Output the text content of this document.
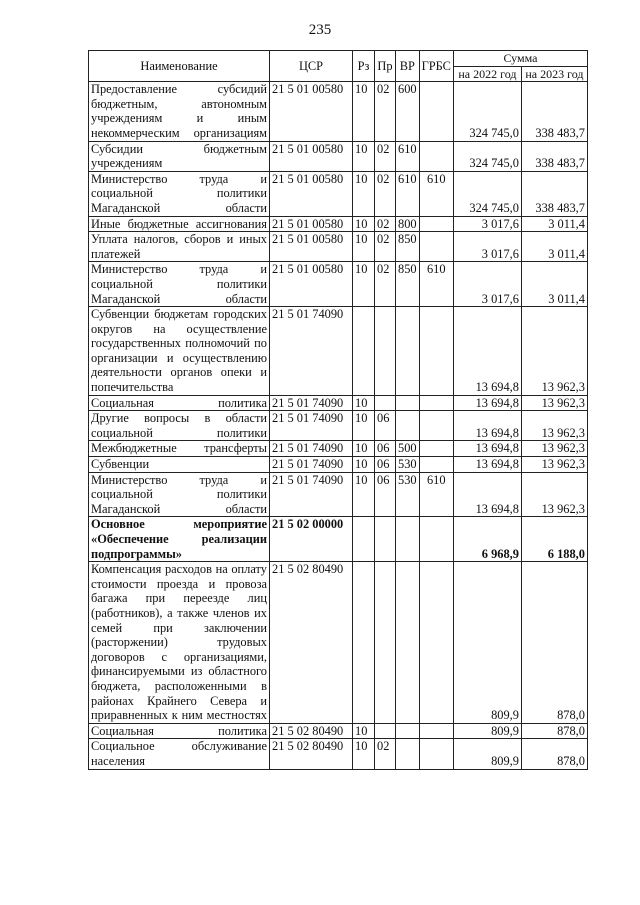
235
Наименование	ЦСР	Рз	Пр	ВР	ГРБС	Сумма	
						на 2022 год	на 2023 год
Предоставление субсидий бюджетным, автономным учреждениям и иным некоммерческим организациям	21 5 01 00580	10	02	600		324 745,0	338 483,7
Субсидии бюджетным учреждениям	21 5 01 00580	10	02	610		324 745,0	338 483,7
Министерство труда и социальной политики Магаданской области	21 5 01 00580	10	02	610	610	324 745,0	338 483,7
Иные бюджетные ассигнования	21 5 01 00580	10	02	800		3 017,6	3 011,4
Уплата налогов, сборов и иных платежей	21 5 01 00580	10	02	850		3 017,6	3 011,4
Министерство труда и социальной политики Магаданской области	21 5 01 00580	10	02	850	610	3 017,6	3 011,4
Субвенции бюджетам городских округов на осуществление государственных полномочий по организации и осуществлению деятельности органов опеки и попечительства	21 5 01 74090					13 694,8	13 962,3
Социальная политика	21 5 01 74090	10				13 694,8	13 962,3
Другие вопросы в области социальной политики	21 5 01 74090	10	06			13 694,8	13 962,3
Межбюджетные трансферты	21 5 01 74090	10	06	500		13 694,8	13 962,3
Субвенции	21 5 01 74090	10	06	530		13 694,8	13 962,3
Министерство труда и социальной политики Магаданской области	21 5 01 74090	10	06	530	610	13 694,8	13 962,3
Основное мероприятие «Обеспечение реализации подпрограммы»	21 5 02 00000					6 968,9	6 188,0
Компенсация расходов на оплату стоимости проезда и провоза багажа при переезде лиц (работников), а также членов их семей при заключении (расторжении) трудовых договоров с организациями, финансируемыми из областного бюджета, расположенными в районах Крайнего Севера и приравненных к ним местностях	21 5 02 80490					809,9	878,0
Социальная политика	21 5 02 80490	10				809,9	878,0
Социальное обслуживание населения	21 5 02 80490	10	02			809,9	878,0
